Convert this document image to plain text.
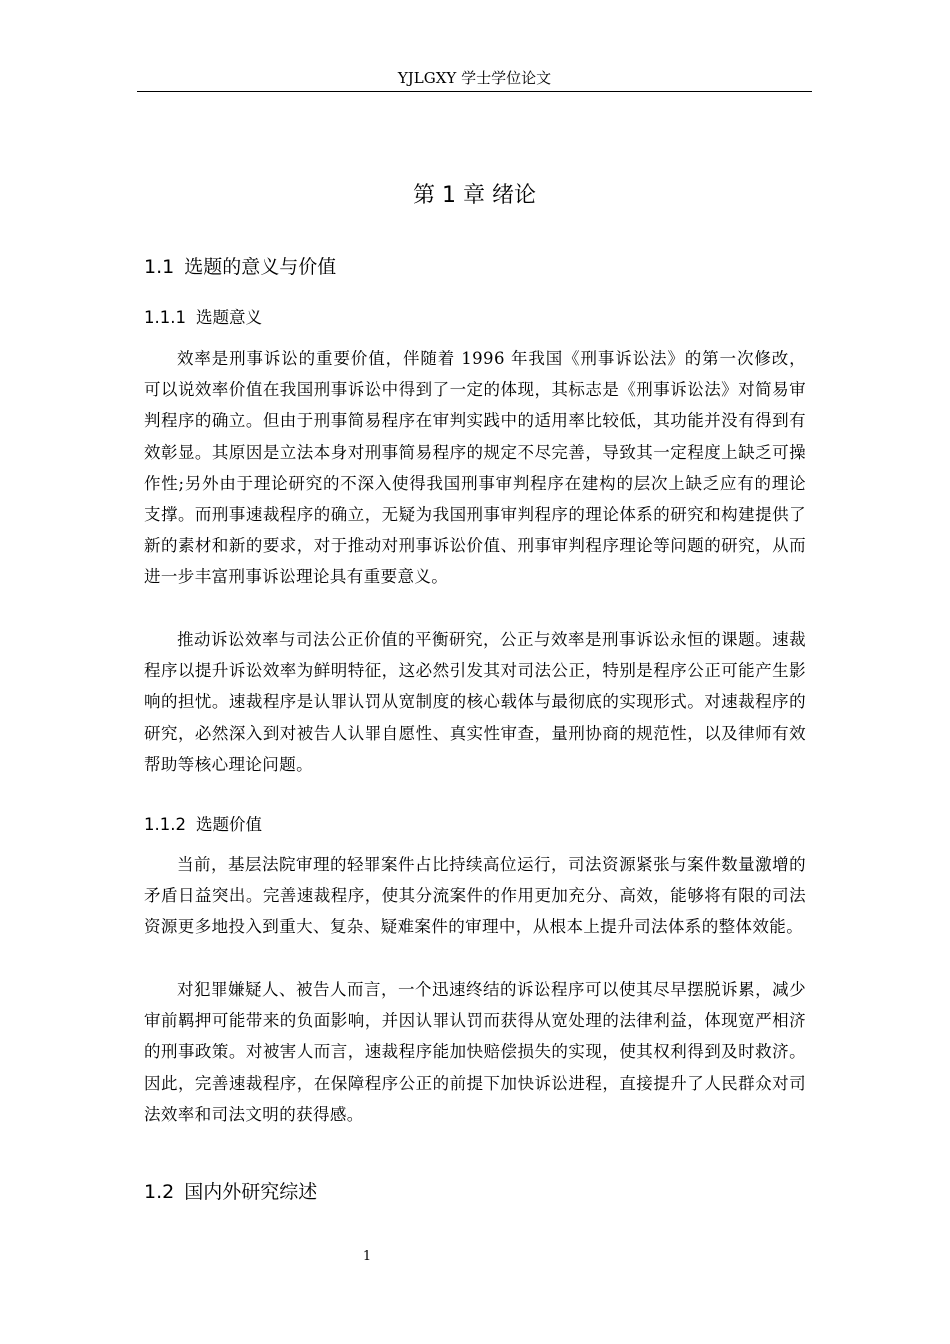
YJLGXY 学士学位论文
第 1 章 绪论
1.1 选题的意义与价值
1.1.1 选题意义

效率是刑事诉讼的重要价值，伴随着 1996 年我国《刑事诉讼法》的第一次修改，可以说效率价值在我国刑事诉讼中得到了一定的体现，其标志是《刑事诉讼法》对简易审判程序的确立。但由于刑事简易程序在审判实践中的适用率比较低，其功能并没有得到有效彰显。其原因是立法本身对刑事简易程序的规定不尽完善，导致其一定程度上缺乏可操作性;另外由于理论研究的不深入使得我国刑事审判程序在建构的层次上缺乏应有的理论支撑。而刑事速裁程序的确立，无疑为我国刑事审判程序的理论体系的研究和构建提供了新的素材和新的要求，对于推动对刑事诉讼价值、刑事审判程序理论等问题的研究，从而进一步丰富刑事诉讼理论具有重要意义。

推动诉讼效率与司法公正价值的平衡研究，公正与效率是刑事诉讼永恒的课题。速裁程序以提升诉讼效率为鲜明特征，这必然引发其对司法公正，特别是程序公正可能产生影响的担忧。速裁程序是认罪认罚从宽制度的核心载体与最彻底的实现形式。对速裁程序的研究，必然深入到对被告人认罪自愿性、真实性审查，量刑协商的规范性，以及律师有效帮助等核心理论问题。

1.1.2 选题价值

当前，基层法院审理的轻罪案件占比持续高位运行，司法资源紧张与案件数量激增的矛盾日益突出。完善速裁程序，使其分流案件的作用更加充分、高效，能够将有限的司法资源更多地投入到重大、复杂、疑难案件的审理中，从根本上提升司法体系的整体效能。

对犯罪嫌疑人、被告人而言，一个迅速终结的诉讼程序可以使其尽早摆脱诉累，减少审前羁押可能带来的负面影响，并因认罪认罚而获得从宽处理的法律利益，体现宽严相济的刑事政策。对被害人而言，速裁程序能加快赔偿损失的实现，使其权利得到及时救济。因此，完善速裁程序，在保障程序公正的前提下加快诉讼进程，直接提升了人民群众对司法效率和司法文明的获得感。

1.2 国内外研究综述
1
